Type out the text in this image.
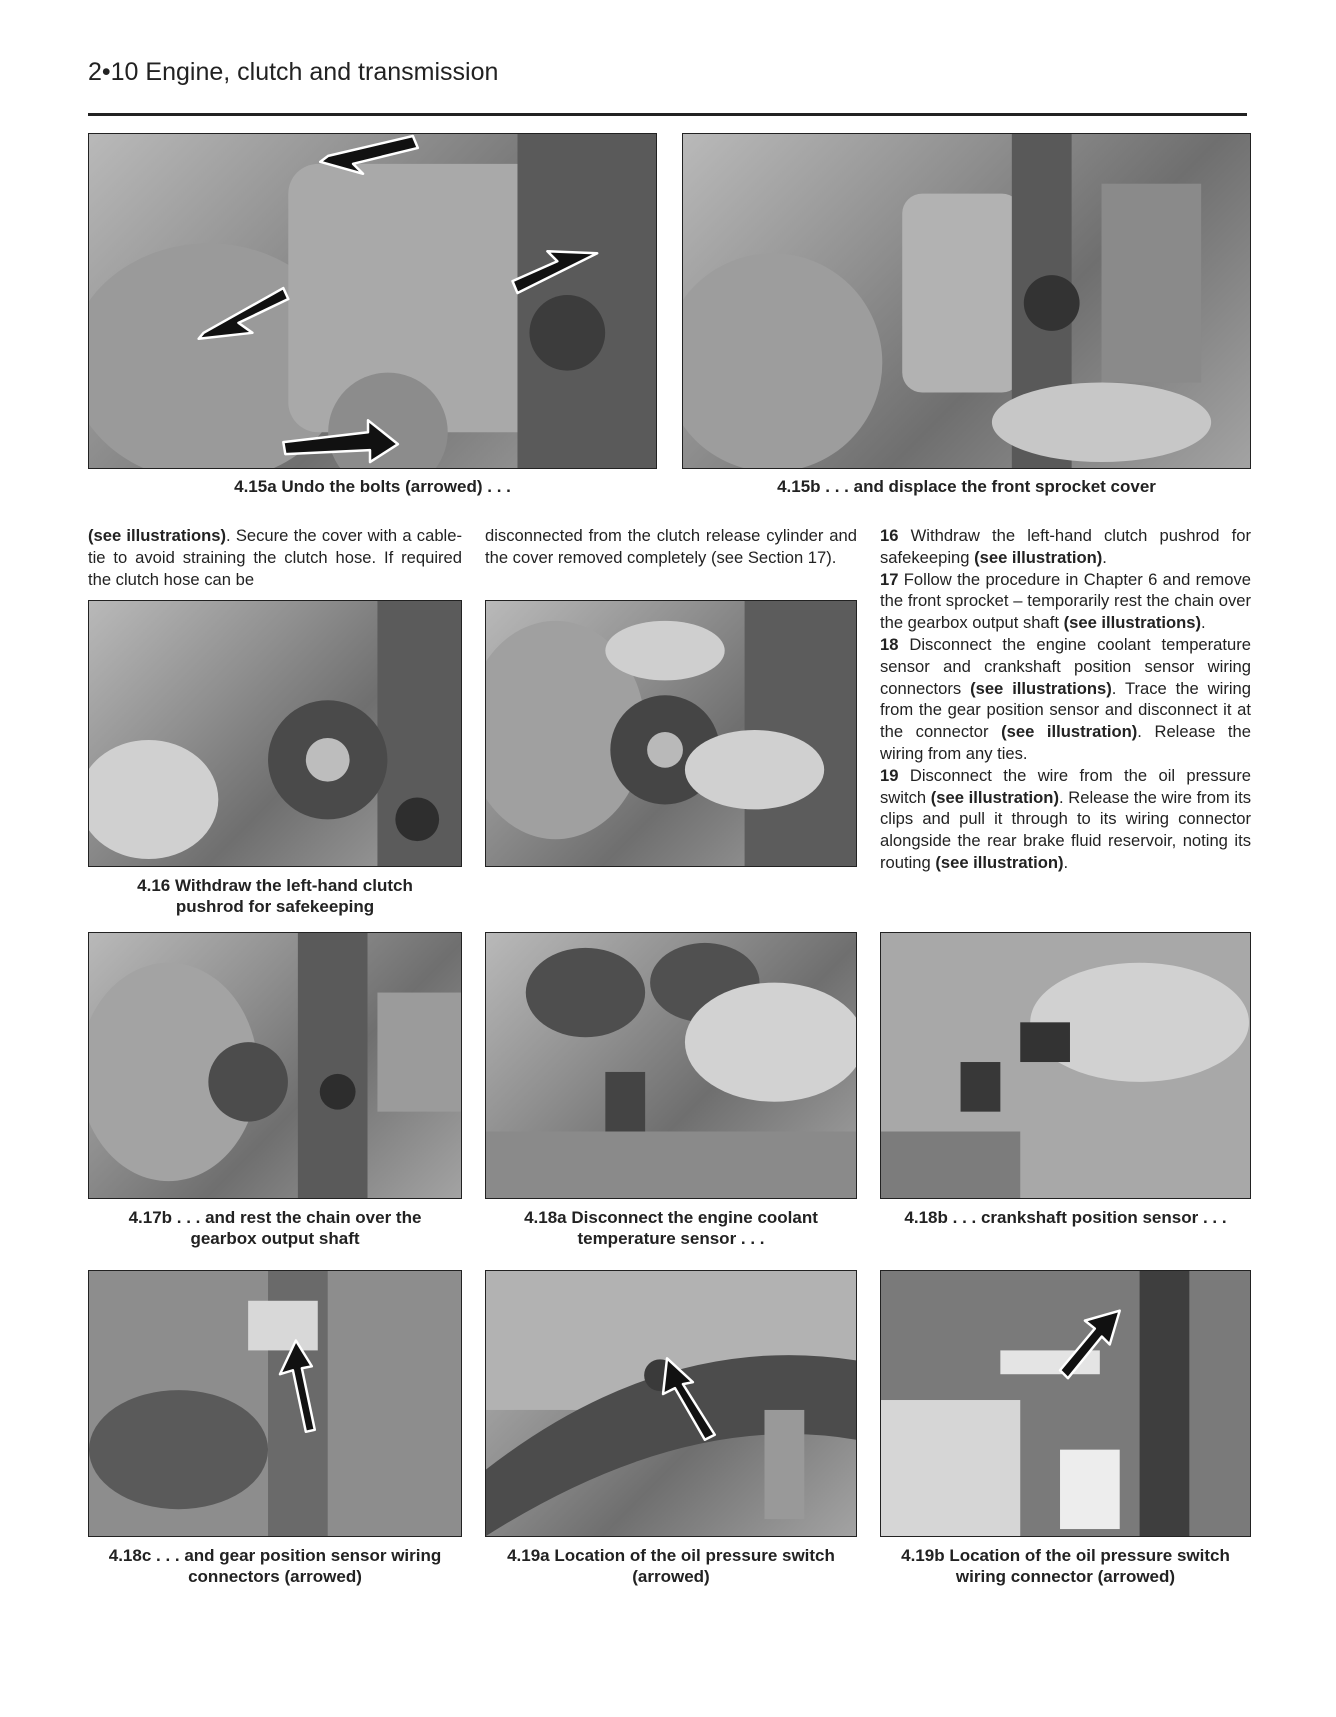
2•10 Engine, clutch and transmission
4.15a Undo the bolts (arrowed) . . .	4.15b . . . and displace the front sprocket cover

(see illustrations). Secure the cover with a cable-tie to avoid straining the clutch hose. If required the clutch hose can be

disconnected from the clutch release cylinder and the cover removed completely (see Section 17).

16 Withdraw the left-hand clutch pushrod for safekeeping (see illustration).

17 Follow the procedure in Chapter 6 and remove the front sprocket – temporarily rest the chain over the gearbox output shaft (see illustrations).

18 Disconnect the engine coolant temperature sensor and crankshaft position sensor wiring connectors (see illustrations). Trace the wiring from the gear position sensor and disconnect it at the connector (see illustration). Release the wiring from any ties.

19 Disconnect the wire from the oil pressure switch (see illustration). Release the wire from its clips and pull it through to its wiring connector alongside the rear brake fluid reservoir, noting its routing (see illustration).

4.16 Withdraw the left-hand clutch
pushrod for safekeeping
4.17b . . . and rest the chain over the
gearbox output shaft
4.18a Disconnect the engine coolant
temperature sensor . . .
4.18b . . . crankshaft position sensor . . .
4.18c . . . and gear position sensor wiring
connectors (arrowed)
4.19a Location of the oil pressure switch
(arrowed)
4.19b Location of the oil pressure switch
wiring connector (arrowed)
